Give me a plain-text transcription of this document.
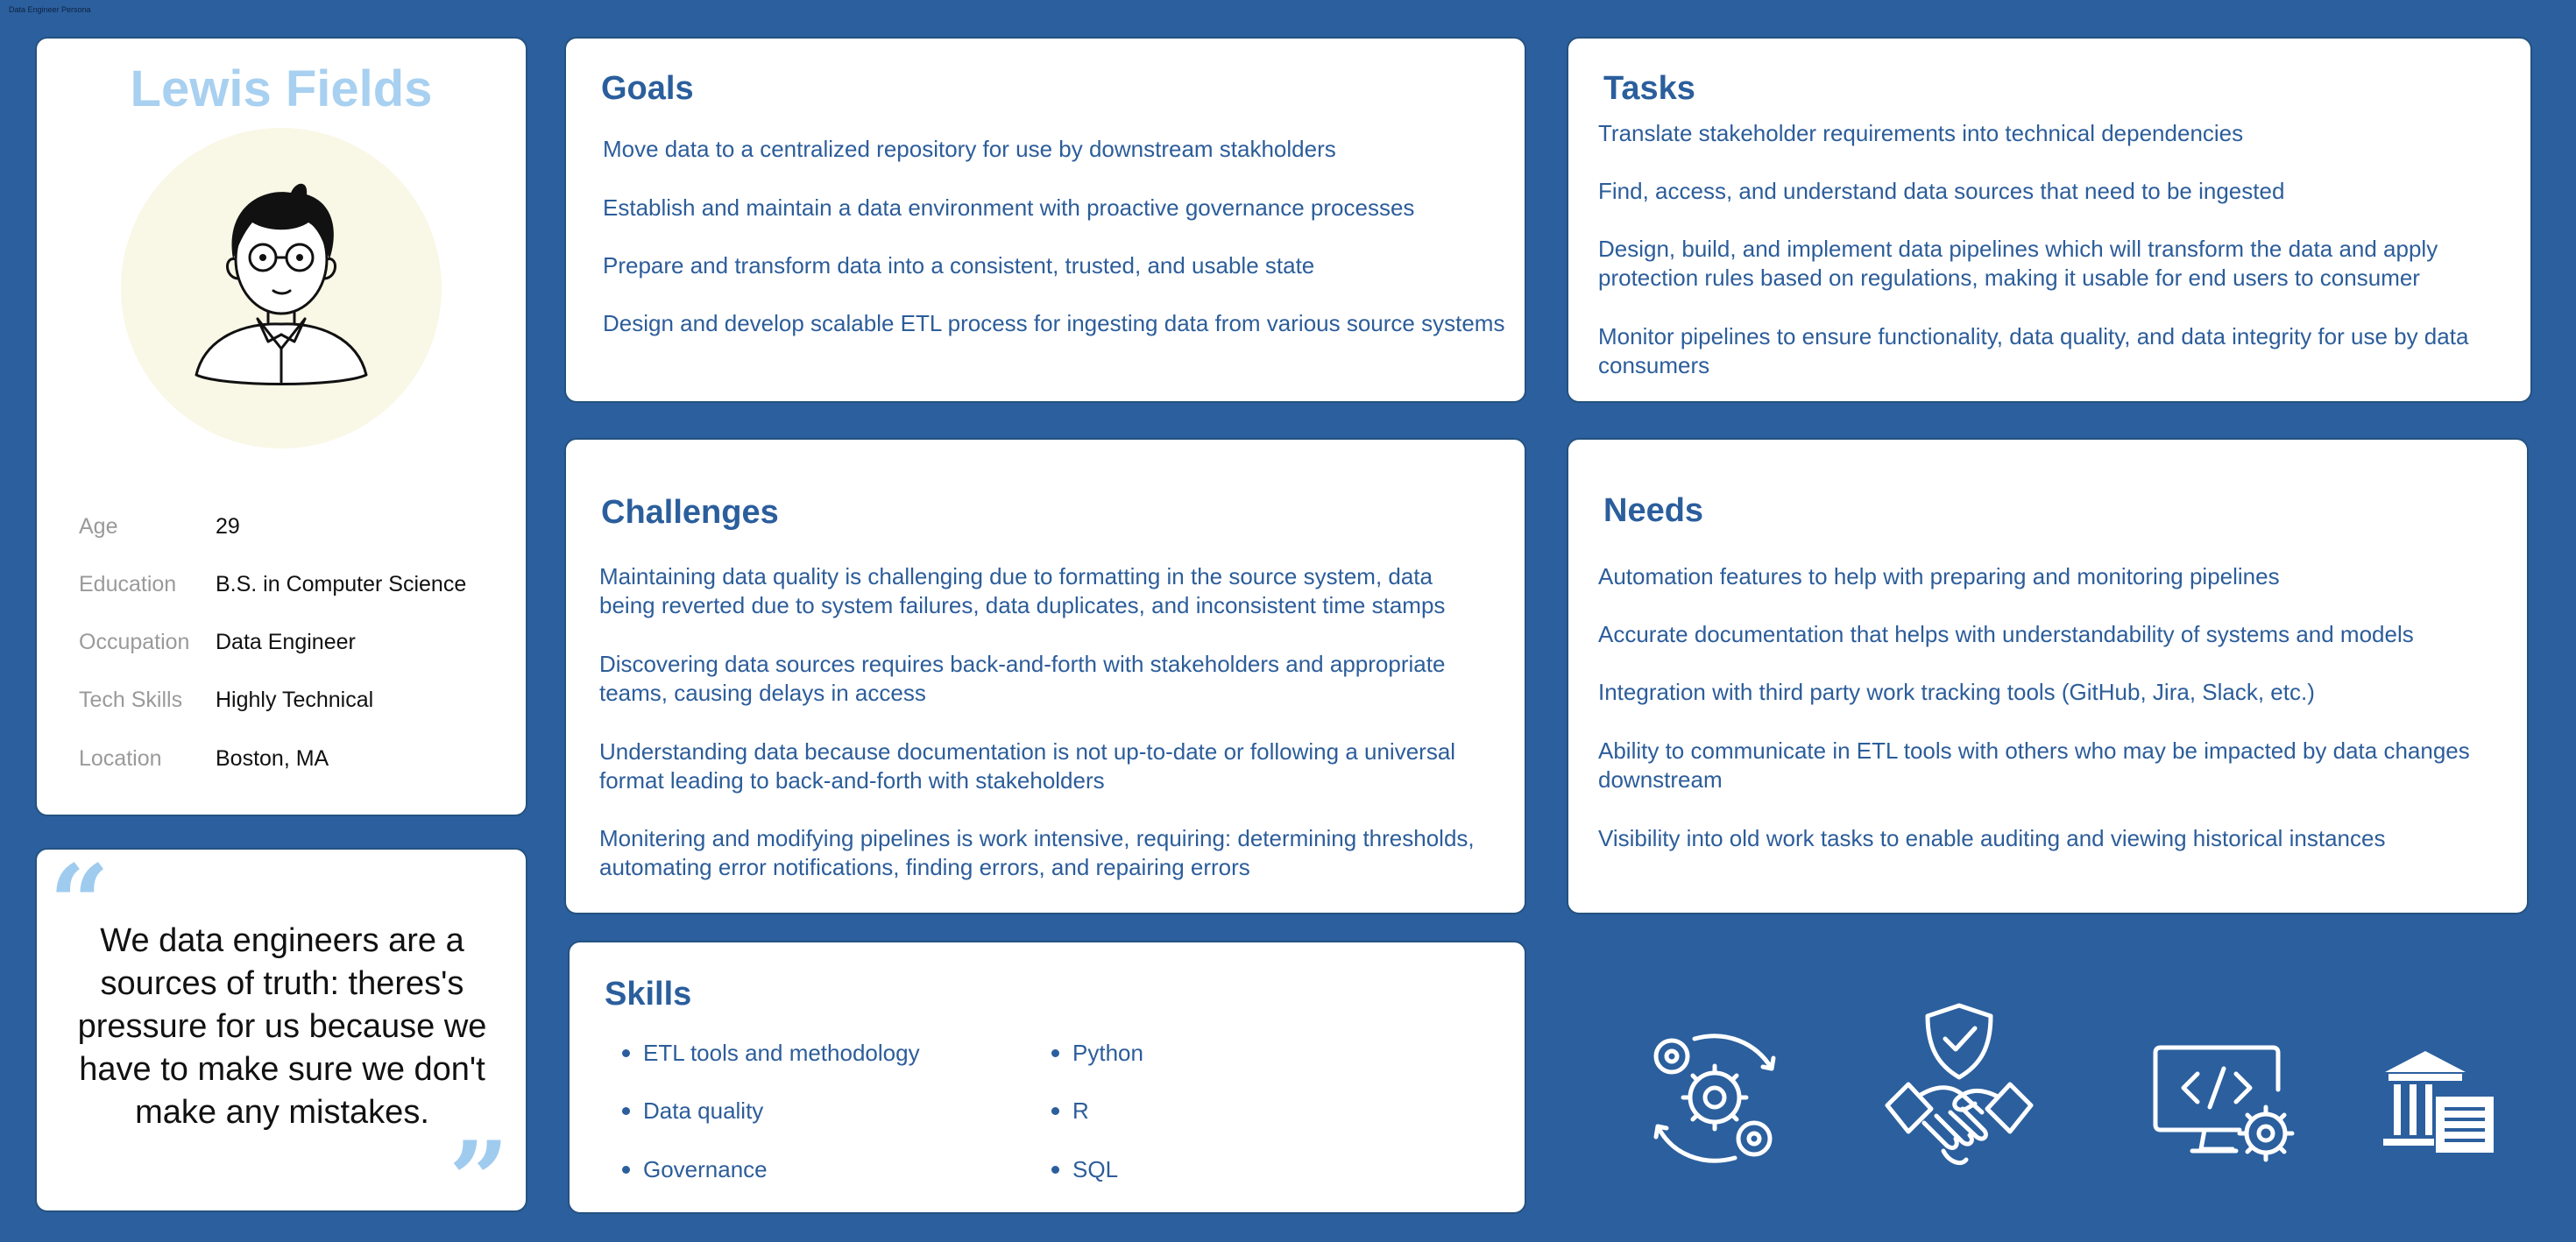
Data Engineer Persona
Lewis Fields
Age	29
Education B.S. in Computer Science
Occupation Data Engineer
Tech Skills Highly Technical
Location Boston, MA
“
We data engineers are a sources of truth: theres's pressure for us because we have to make sure we don't make any mistakes.
”
Goals
Move data to a centralized repository for use by downstream stakholders
Establish and maintain a data environment with proactive governance processes
Prepare and transform data into a consistent, trusted, and usable state
Design and develop scalable ETL process for ingesting data from various source systems
Tasks
Translate stakeholder requirements into technical dependencies
Find, access, and understand data sources that need to be ingested
Design, build, and implement data pipelines which will transform the data and apply protection rules based on regulations, making it usable for end users to consumer
Monitor pipelines to ensure functionality, data quality, and data integrity for use by data consumers
Challenges
Maintaining data quality is challenging due to formatting in the source system, data being reverted due to system failures, data duplicates, and inconsistent time stamps
Discovering data sources requires back-and-forth with stakeholders and appropriate teams, causing delays in access
Understanding data because documentation is not up-to-date or following a universal format leading to back-and-forth with stakeholders
Monitering and modifying pipelines is work intensive, requiring: determining thresholds, automating error notifications, finding errors, and repairing errors
Needs
Automation features to help with preparing and monitoring pipelines
Accurate documentation that helps with understandability of systems and models
Integration with third party work tracking tools (GitHub, Jira, Slack, etc.)
Ability to communicate in ETL tools with others who may be impacted by data changes downstream
Visibility into old work tasks to enable auditing and viewing historical instances
Skills
ETL tools and methodology
Data quality
Governance
Python
R
SQL
